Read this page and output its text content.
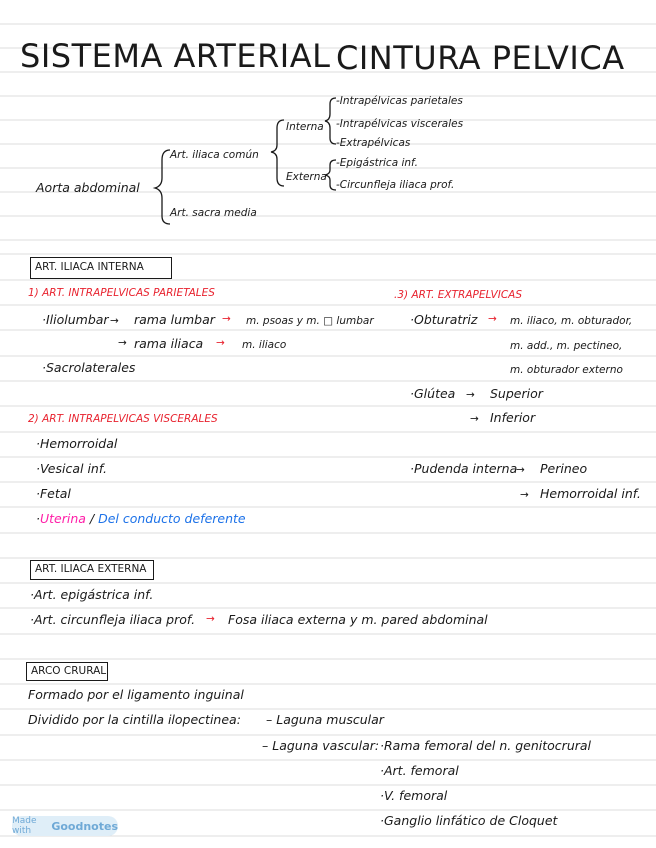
SISTEMA ARTERIAL CINTURA PELVICA
Aorta abdominal
Art. iliaca común
Art. sacra media
Interna
Externa
-Intrapélvicas parietales
-Intrapélvicas viscerales
-Extrapélvicas
-Epigástrica inf.
-Circunfleja iliaca prof.
ART. ILIACA INTERNA
1) ART. INTRAPELVICAS PARIETALES
·Iliolumbar → rama lumbar → m. psoas y m. □ lumbar
→ rama iliaca → m. iliaco
·Sacrolaterales
2) ART. INTRAPELVICAS VISCERALES
·Hemorroidal
·Vesical inf.
·Fetal
·Uterina / Del conducto deferente
.3) ART. EXTRAPELVICAS
·Obturatriz → m. iliaco, m. obturador,
m. add., m. pectineo,
m. obturador externo
·Glútea → Superior
→ Inferior
·Pudenda interna
→ Perineo
→ Hemorroidal inf.
ART. ILIACA EXTERNA
·Art. epigástrica inf.
·Art. circunfleja iliaca prof. → Fosa iliaca externa y m. pared abdominal
ARCO CRURAL
Formado por el ligamento inguinal
Dividido por la cintilla ilopectinea: – Laguna muscular
– Laguna vascular: ·Rama femoral del n. genitocrural
·Art. femoral
·V. femoral
·Ganglio linfático de Cloquet
Made with	Goodnotes
